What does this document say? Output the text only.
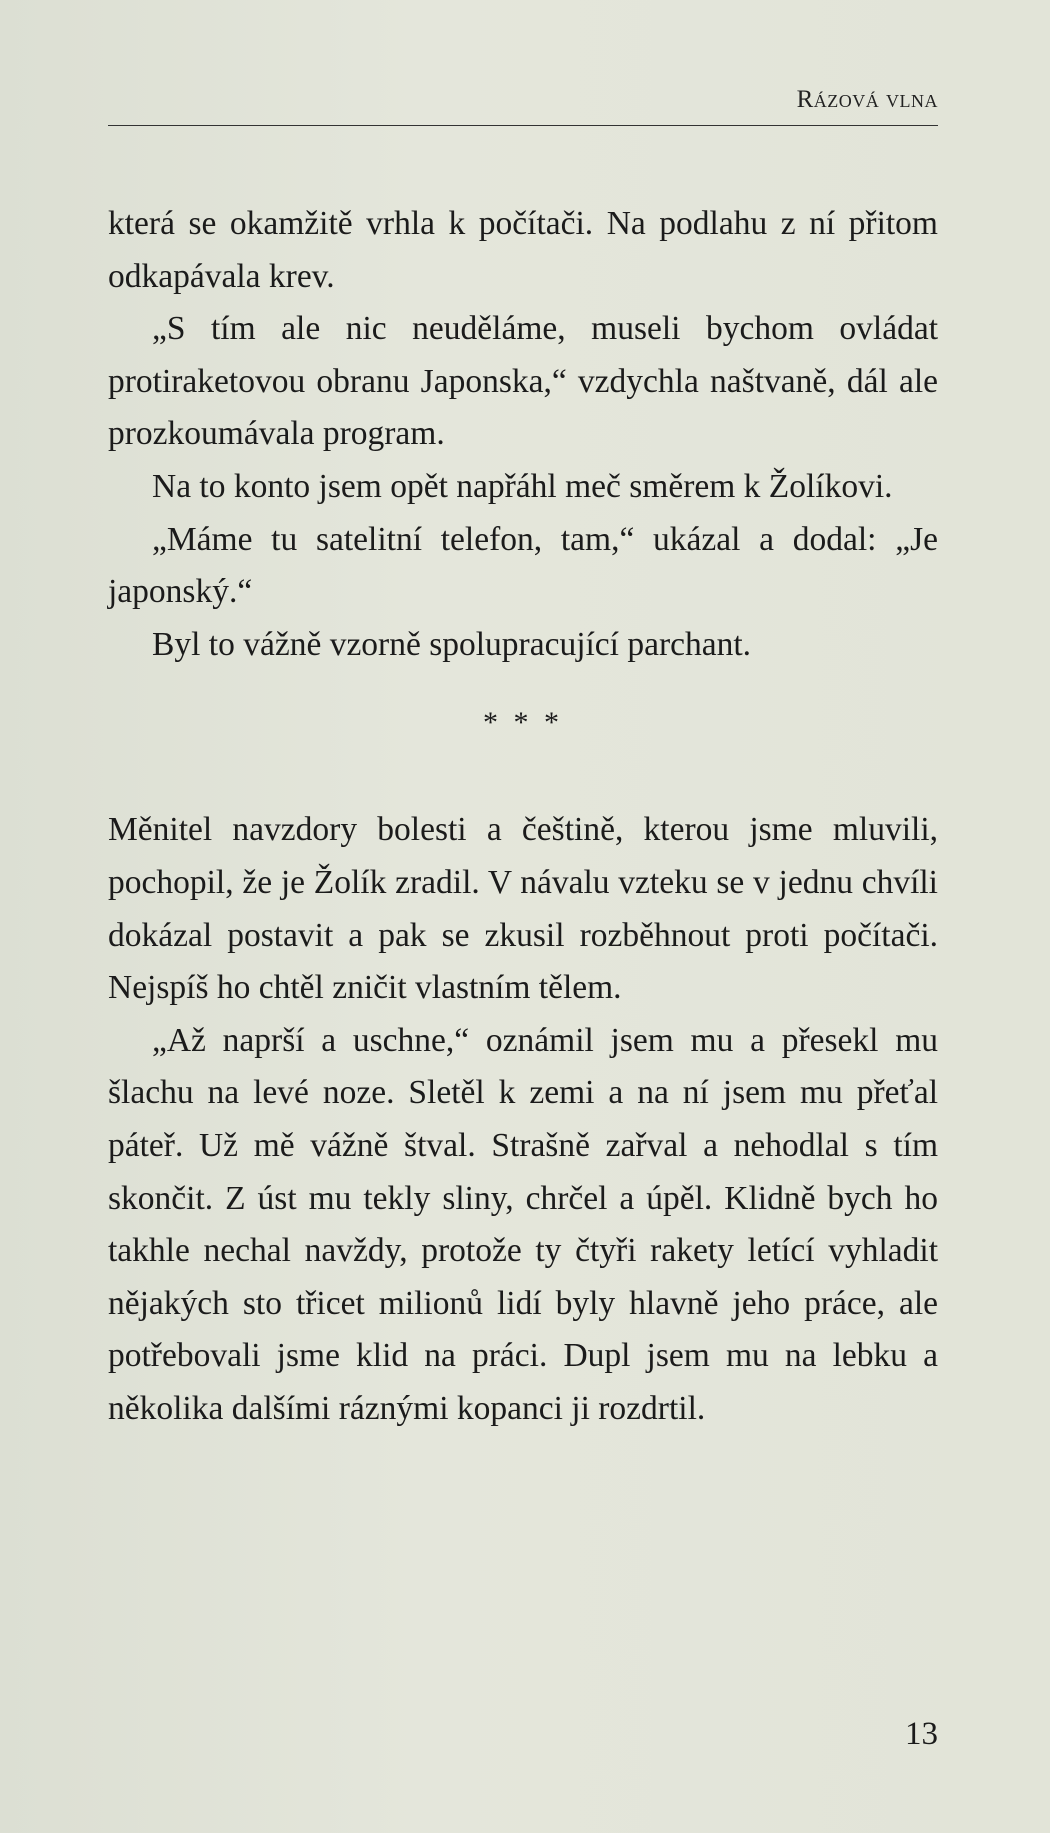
Rázová vlna

která se okamžitě vrhla k počítači. Na podlahu z ní přitom odkapávala krev.

„S tím ale nic neuděláme, museli bychom ovládat protiraketovou obranu Japonska,“ vzdychla naštvaně, dál ale prozkoumávala program.

Na to konto jsem opět napřáhl meč směrem k Žolíkovi.

„Máme tu satelitní telefon, tam,“ ukázal a dodal: „Je japonský.“

Byl to vážně vzorně spolupracující parchant.

* * *

Měnitel navzdory bolesti a češtině, kterou jsme mluvili, pochopil, že je Žolík zradil. V návalu vzteku se v jednu chvíli dokázal postavit a pak se zkusil rozběhnout proti počítači. Nejspíš ho chtěl zničit vlastním tělem.

„Až naprší a uschne,“ oznámil jsem mu a přesekl mu šlachu na levé noze. Sletěl k zemi a na ní jsem mu přeťal páteř. Už mě vážně štval. Strašně zařval a nehodlal s tím skončit. Z úst mu tekly sliny, chrčel a úpěl. Klidně bych ho takhle nechal navždy, protože ty čtyři rakety letící vyhladit nějakých sto třicet milionů lidí byly hlavně jeho práce, ale potřebovali jsme klid na práci. Dupl jsem mu na lebku a několika dalšími ráznými kopanci ji rozdrtil.

13
